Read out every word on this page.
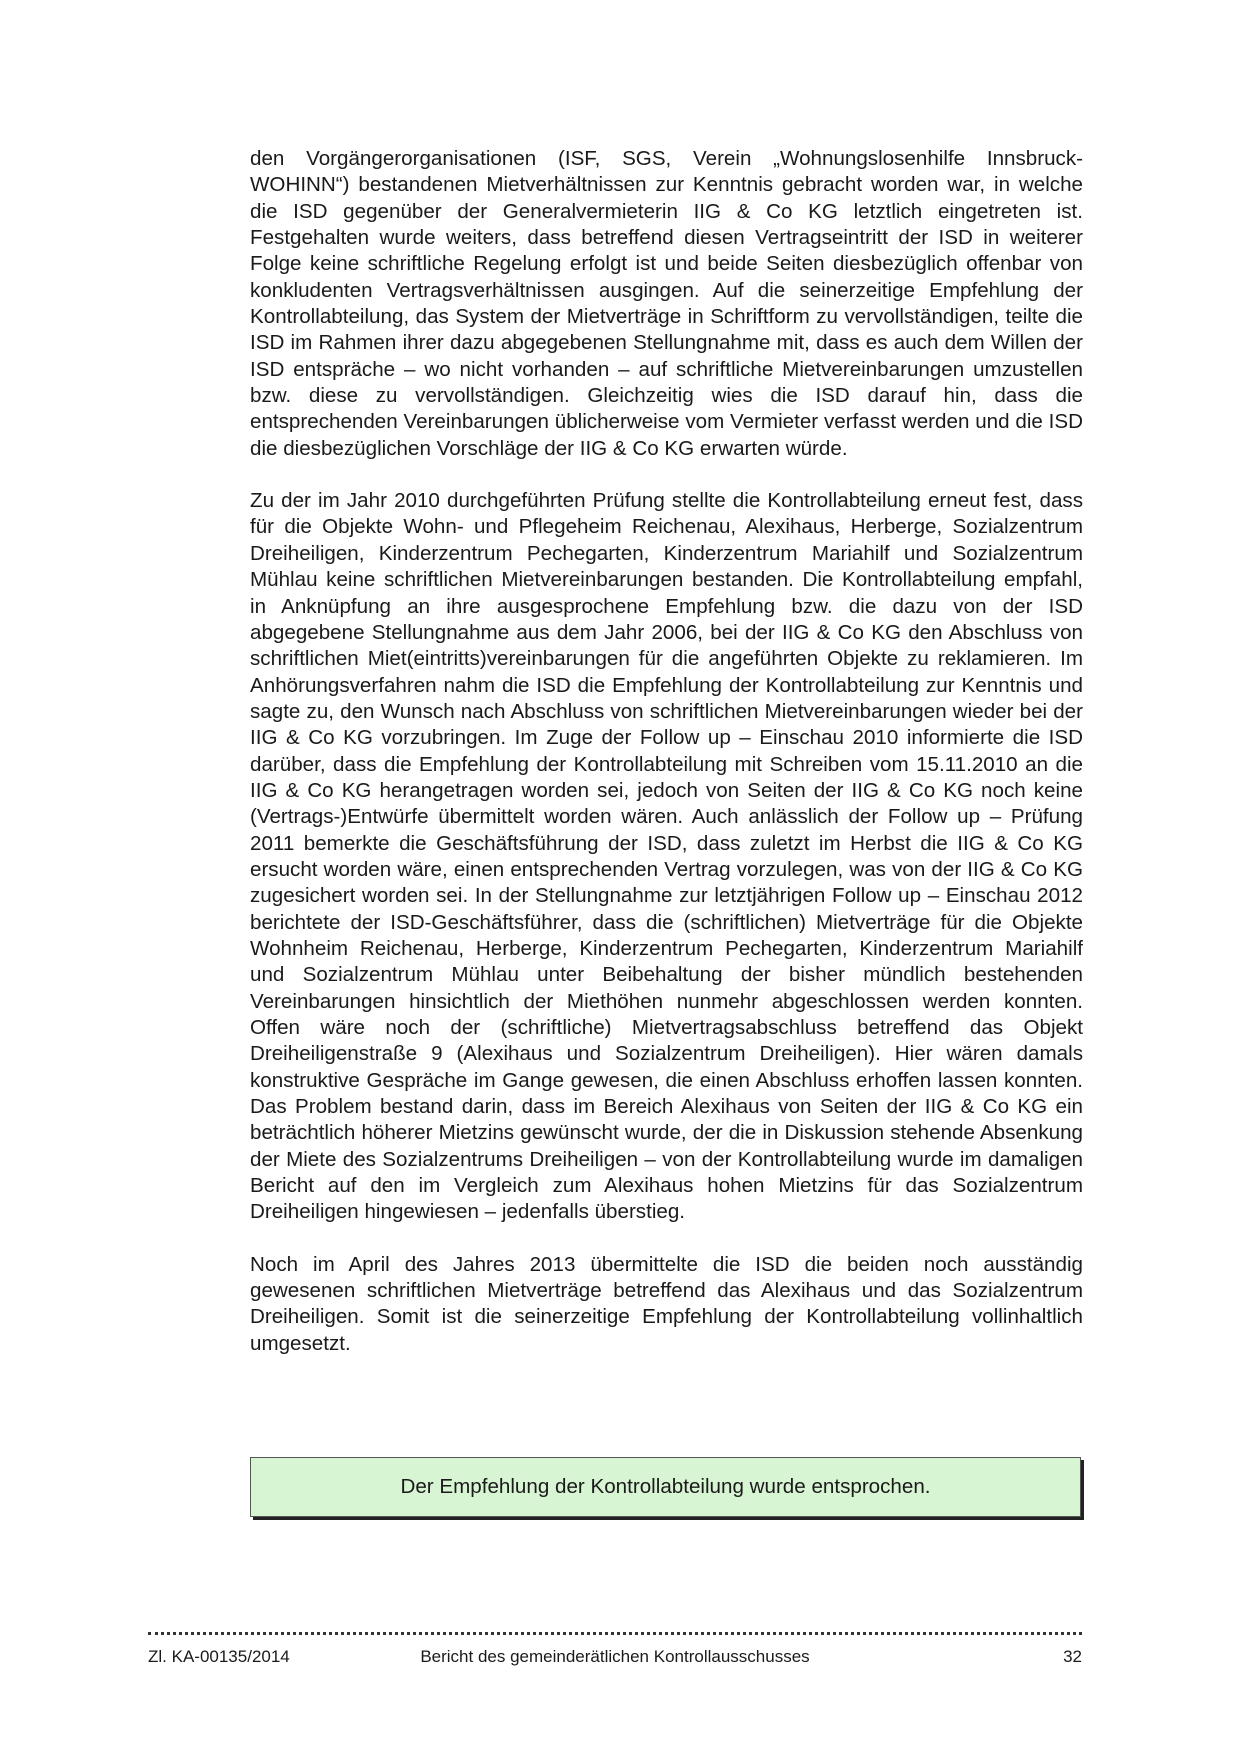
den Vorgängerorganisationen (ISF, SGS, Verein „Wohnungslosenhilfe Innsbruck-WOHINN“) bestandenen Mietverhältnissen zur Kenntnis gebracht worden war, in welche die ISD gegenüber der Generalvermieterin IIG & Co KG letztlich eingetreten ist. Festgehalten wurde weiters, dass betreffend diesen Vertragseintritt der ISD in weiterer Folge keine schriftliche Regelung erfolgt ist und beide Seiten diesbezüglich offenbar von konkludenten Vertragsverhältnissen ausgingen. Auf die seinerzeitige Empfehlung der Kontrollabteilung, das System der Mietverträge in Schriftform zu vervollständigen, teilte die ISD im Rahmen ihrer dazu abgegebenen Stellungnahme mit, dass es auch dem Willen der ISD entspräche – wo nicht vorhanden – auf schriftliche Mietvereinbarungen umzustellen bzw. diese zu vervollständigen. Gleichzeitig wies die ISD darauf hin, dass die entsprechenden Vereinbarungen üblicherweise vom Vermieter verfasst werden und die ISD die diesbezüglichen Vorschläge der IIG & Co KG erwarten würde.

Zu der im Jahr 2010 durchgeführten Prüfung stellte die Kontrollabteilung erneut fest, dass für die Objekte Wohn- und Pflegeheim Reichenau, Alexihaus, Herberge, Sozialzentrum Dreiheiligen, Kinderzentrum Pechegarten, Kinderzentrum Mariahilf und Sozialzentrum Mühlau keine schriftlichen Mietvereinbarungen bestanden. Die Kontrollabteilung empfahl, in Anknüpfung an ihre ausgesprochene Empfehlung bzw. die dazu von der ISD abgegebene Stellungnahme aus dem Jahr 2006, bei der IIG & Co KG den Abschluss von schriftlichen Miet(eintritts)vereinbarungen für die angeführten Objekte zu reklamieren. Im Anhörungsverfahren nahm die ISD die Empfehlung der Kontrollabteilung zur Kenntnis und sagte zu, den Wunsch nach Abschluss von schriftlichen Mietvereinbarungen wieder bei der IIG & Co KG vorzubringen. Im Zuge der Follow up – Einschau 2010 informierte die ISD darüber, dass die Empfehlung der Kontrollabteilung mit Schreiben vom 15.11.2010 an die IIG & Co KG herangetragen worden sei, jedoch von Seiten der IIG & Co KG noch keine (Vertrags-)Entwürfe übermittelt worden wären. Auch anlässlich der Follow up – Prüfung 2011 bemerkte die Geschäftsführung der ISD, dass zuletzt im Herbst die IIG & Co KG ersucht worden wäre, einen entsprechenden Vertrag vorzulegen, was von der IIG & Co KG zugesichert worden sei. In der Stellungnahme zur letztjährigen Follow up – Einschau 2012 berichtete der ISD-Geschäftsführer, dass die (schriftlichen) Mietverträge für die Objekte Wohnheim Reichenau, Herberge, Kinderzentrum Pechegarten, Kinderzentrum Mariahilf und Sozialzentrum Mühlau unter Beibehaltung der bisher mündlich bestehenden Vereinbarungen hinsichtlich der Miethöhen nunmehr abgeschlossen werden konnten. Offen wäre noch der (schriftliche) Mietvertragsabschluss betreffend das Objekt Dreiheiligenstraße 9 (Alexihaus und Sozialzentrum Dreiheiligen). Hier wären damals konstruktive Gespräche im Gange gewesen, die einen Abschluss erhoffen lassen konnten. Das Problem bestand darin, dass im Bereich Alexihaus von Seiten der IIG & Co KG ein beträchtlich höherer Mietzins gewünscht wurde, der die in Diskussion stehende Absenkung der Miete des Sozialzentrums Dreiheiligen – von der Kontrollabteilung wurde im damaligen Bericht auf den im Vergleich zum Alexihaus hohen Mietzins für das Sozialzentrum Dreiheiligen hingewiesen – jedenfalls überstieg.

Noch im April des Jahres 2013 übermittelte die ISD die beiden noch ausständig gewesenen schriftlichen Mietverträge betreffend das Alexihaus und das Sozialzentrum Dreiheiligen. Somit ist die seinerzeitige Empfehlung der Kontrollabteilung vollinhaltlich umgesetzt.

Der Empfehlung der Kontrollabteilung wurde entsprochen.
Bericht des gemeinderätlichen Kontrollausschusses
Zl. KA-00135/2014	32
